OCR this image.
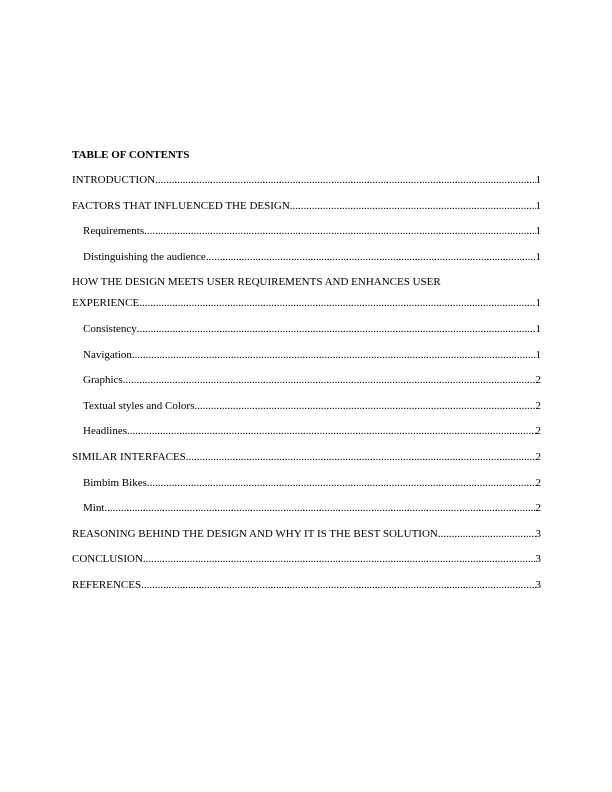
TABLE OF CONTENTS
INTRODUCTION .....	1
FACTORS THAT INFLUENCED THE DESIGN .....	1
Requirements .....	1
Distinguishing the audience .....	1
HOW THE DESIGN MEETS USER REQUIREMENTS AND ENHANCES USER
EXPERIENCE .....	1
Consistency .....	1
Navigation .....	1
Graphics .....	2
Textual styles and Colors .....	2
Headlines .....	2
SIMILAR INTERFACES .....	2
Bimbim Bikes .....	2
Mint .....	2
REASONING BEHIND THE DESIGN AND WHY IT IS THE BEST SOLUTION .....	3
CONCLUSION .....	3
REFERENCES .....	3
